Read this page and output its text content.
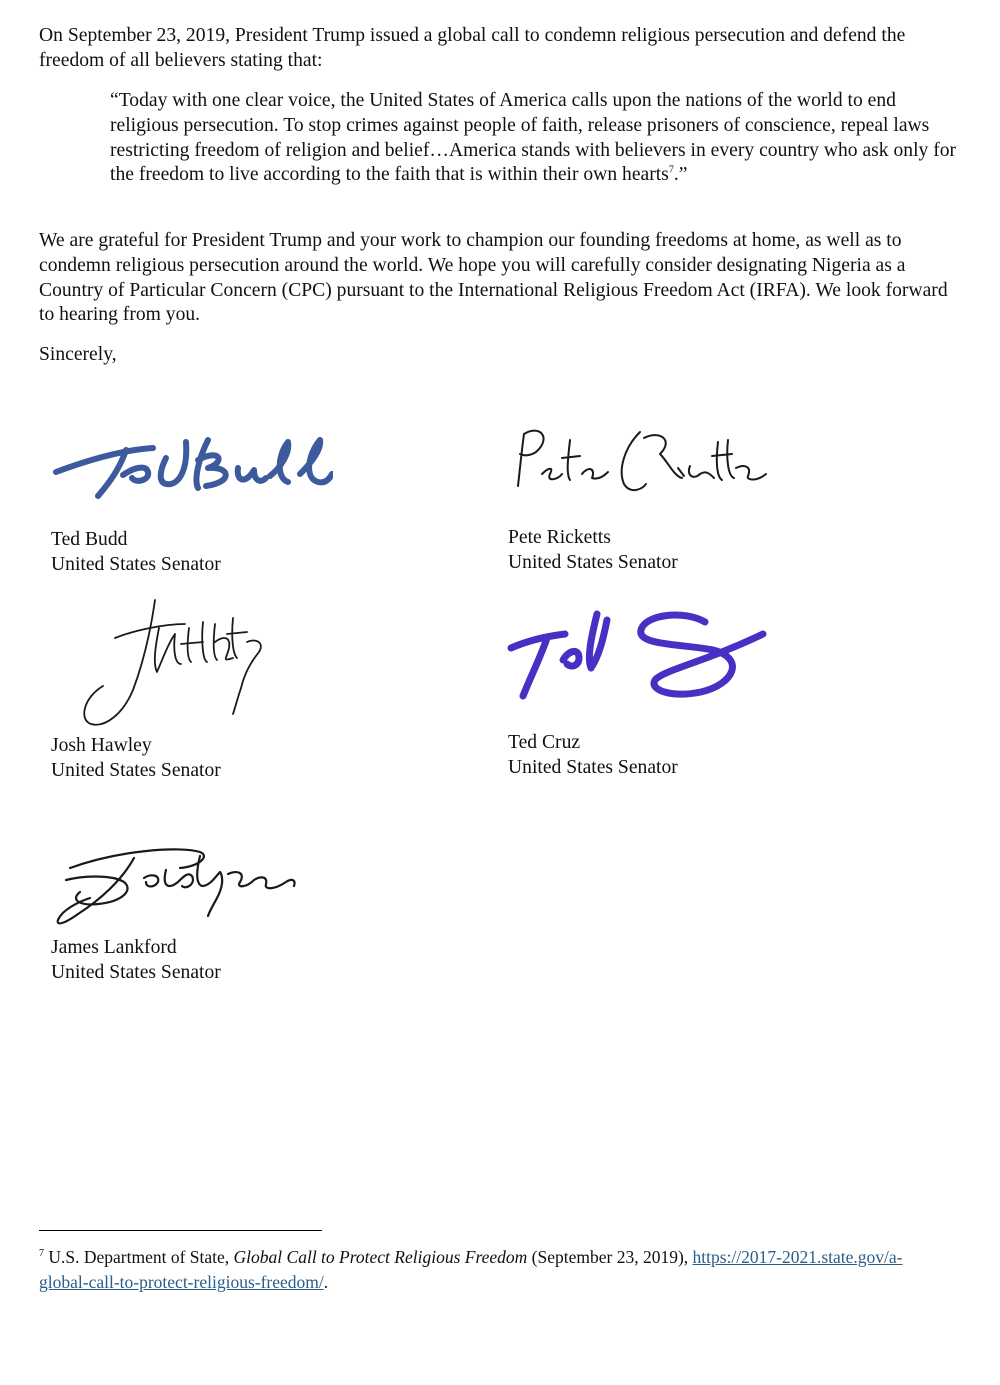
On September 23, 2019, President Trump issued a global call to condemn religious persecution and defend the freedom of all believers stating that:

“Today with one clear voice, the United States of America calls upon the nations of the world to end religious persecution. To stop crimes against people of faith, release prisoners of conscience, repeal laws restricting freedom of religion and belief…America stands with believers in every country who ask only for the freedom to live according to the faith that is within their own hearts$^7$.”

We are grateful for President Trump and your work to champion our founding freedoms at home, as well as to condemn religious persecution around the world. We hope you will carefully consider designating Nigeria as a Country of Particular Concern (CPC) pursuant to the International Religious Freedom Act (IRFA). We look forward to hearing from you.

Sincerely,
Ted Budd
United States Senator
Pete Ricketts
United States Senator
Josh Hawley
United States Senator
Ted Cruz
United States Senator
James Lankford
United States Senator
$^7$ U.S. Department of State, Global Call to Protect Religious Freedom (September 23, 2019), https://2017-2021.state.gov/a-global-call-to-protect-religious-freedom/.
